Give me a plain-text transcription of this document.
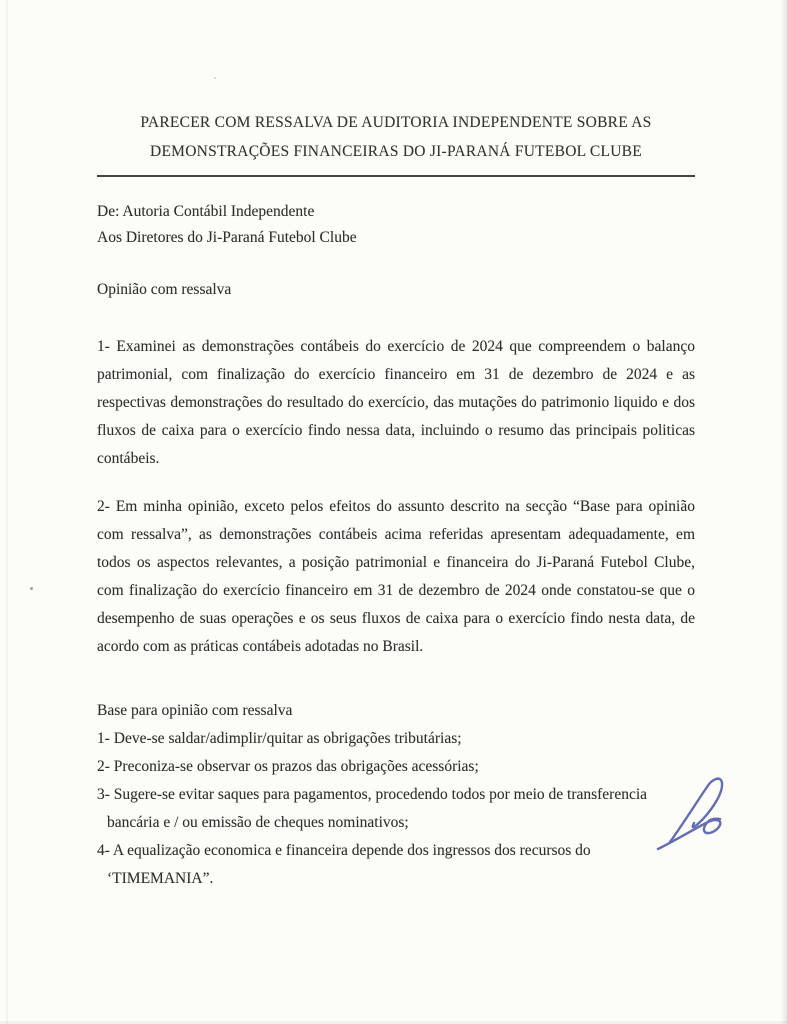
PARECER COM RESSALVA DE AUDITORIA INDEPENDENTE SOBRE AS
DEMONSTRAÇÕES FINANCEIRAS DO JI-PARANÁ FUTEBOL CLUBE
De: Autoria Contábil Independente
Aos Diretores do Ji-Paraná Futebol Clube
Opinião com ressalva
1- Examinei as demonstrações contábeis do exercício de 2024 que compreendem o balanço
patrimonial, com finalização do exercício financeiro em 31 de dezembro de 2024 e as
respectivas demonstrações do resultado do exercício, das mutações do patrimonio liquido e dos
fluxos de caixa para o exercício findo nessa data, incluindo o resumo das principais politicas
contábeis.
2- Em minha opinião, exceto pelos efeitos do assunto descrito na secção “Base para opinião
com ressalva”, as demonstrações contábeis acima referidas apresentam adequadamente, em
todos os aspectos relevantes, a posição patrimonial e financeira do Ji-Paraná Futebol Clube,
com finalização do exercício financeiro em 31 de dezembro de 2024 onde constatou-se que o
desempenho de suas operações e os seus fluxos de caixa para o exercício findo nesta data, de
acordo com as práticas contábeis adotadas no Brasil.
Base para opinião com ressalva
1- Deve-se saldar/adimplir/quitar as obrigações tributárias;
2- Preconiza-se observar os prazos das obrigações acessórias;
3- Sugere-se evitar saques para pagamentos, procedendo todos por meio de transferencia
bancária e / ou emissão de cheques nominativos;
4- A equalização economica e financeira depende dos ingressos dos recursos do
‘TIMEMANIA”.
